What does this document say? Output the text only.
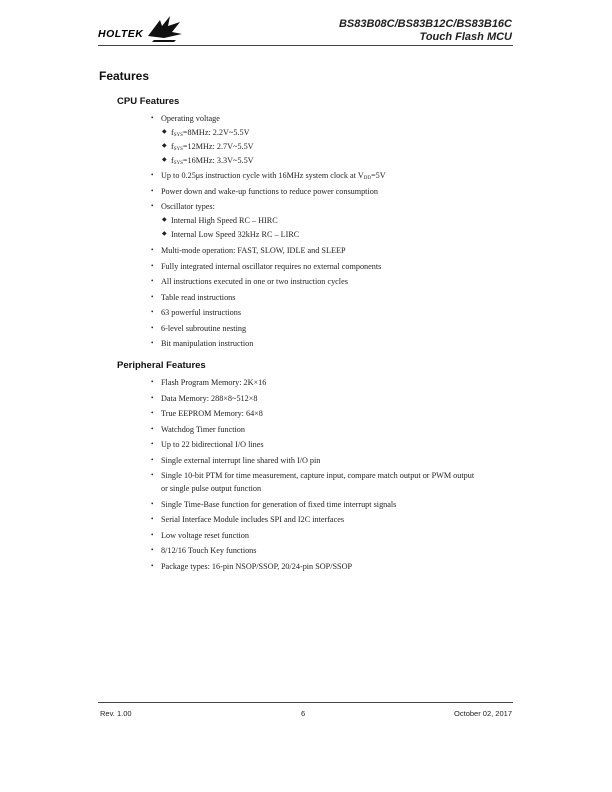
HOLTEK
BS83B08C/BS83B12C/BS83B16C
Touch Flash MCU
Features
CPU Features
• Operating voltage
◆ $f_{SYS}=8MHz$: 2.2V~5.5V
◆ $f_{SYS}=12MHz$: 2.7V~5.5V
◆ $f_{SYS}=16MHz$: 3.3V~5.5V
• Up to 0.25μs instruction cycle with 16MHz system clock at $V_{DD}=5V$
• Power down and wake-up functions to reduce power consumption
• Oscillator types:
◆ Internal High Speed RC – HIRC
◆ Internal Low Speed 32kHz RC – LIRC
• Multi-mode operation: FAST, SLOW, IDLE and SLEEP
• Fully integrated internal oscillator requires no external components
• All instructions executed in one or two instruction cycles
• Table read instructions
• 63 powerful instructions
• 6-level subroutine nesting
• Bit manipulation instruction
Peripheral Features
• Flash Program Memory: 2K×16
• Data Memory: 288×8~512×8
• True EEPROM Memory: 64×8
• Watchdog Timer function
• Up to 22 bidirectional I/O lines
• Single external interrupt line shared with I/O pin
• Single 10-bit PTM for time measurement, capture input, compare match output or PWM output
or single pulse output function
• Single Time-Base function for generation of fixed time interrupt signals
• Serial Interface Module includes SPI and I2C interfaces
• Low voltage reset function
• 8/12/16 Touch Key functions
• Package types: 16-pin NSOP/SSOP, 20/24-pin SOP/SSOP
Rev. 1.00	6	October 02, 2017
